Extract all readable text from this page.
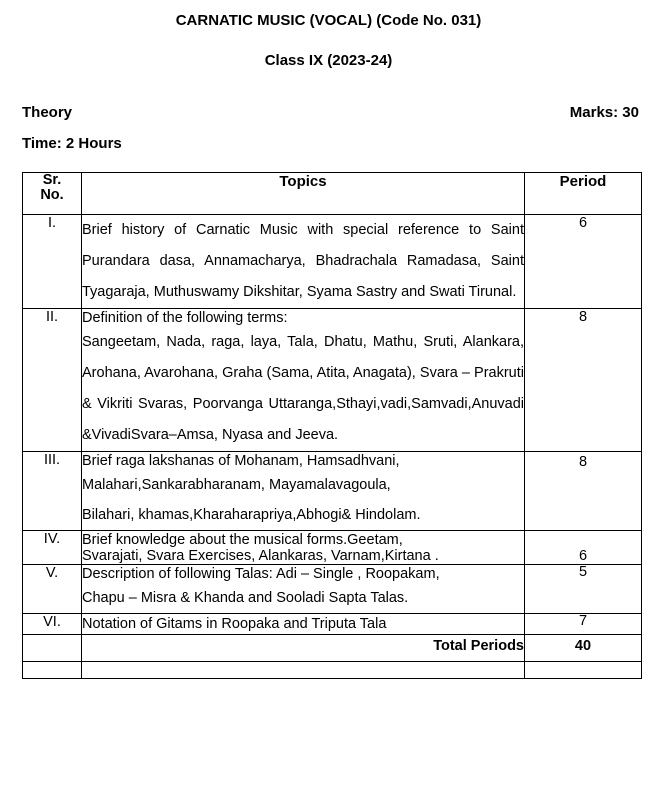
CARNATIC MUSIC (VOCAL) (Code No. 031)
Class IX (2023-24)
Theory	Marks: 30
Time: 2 Hours
Sr.
No.	Topics	Period
I.	Brief history of Carnatic Music with special reference to Saint Purandara dasa, Annamacharya, Bhadrachala Ramadasa, Saint Tyagaraja, Muthuswamy Dikshitar, Syama Sastry and Swati Tirunal.	6
II.	Definition of the following terms:
Sangeetam, Nada, raga, laya, Tala, Dhatu, Mathu, Sruti, Alankara, Arohana, Avarohana, Graha (Sama, Atita, Anagata), Svara – Prakruti & Vikriti Svaras, Poorvanga Uttaranga,Sthayi,vadi,Samvadi,Anuvadi &VivadiSvara–Amsa, Nyasa and Jeeva.	8
III.	Brief raga lakshanas of Mohanam, Hamsadhvani,
Malahari,Sankarabharanam, Mayamalavagoula,
Bilahari, khamas,Kharaharapriya,Abhogi& Hindolam.	8
IV.	Brief knowledge about the musical forms.Geetam,
Svarajati, Svara Exercises, Alankaras, Varnam,Kirtana .	6
V.	Description of following Talas: Adi – Single , Roopakam,
Chapu – Misra & Khanda and Sooladi Sapta Talas.	5
VI.	Notation of Gitams in Roopaka and Triputa Tala	7
	Total Periods	40
